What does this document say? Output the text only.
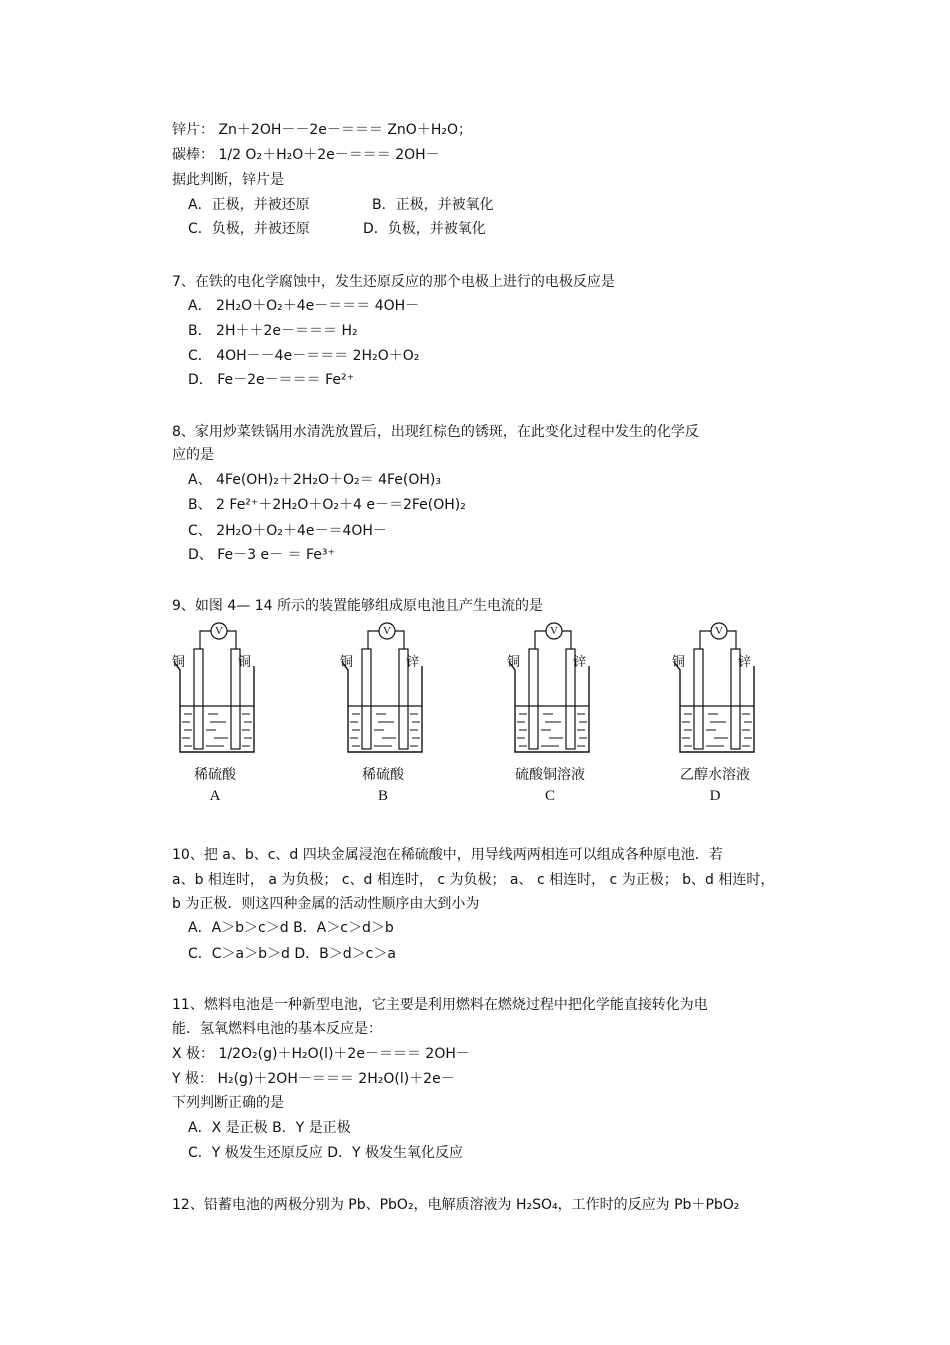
锌片： Zn＋2OH－－2e－＝＝＝ ZnO＋H₂O；
碳棒： 1/2 O₂＋H₂O＋2e－＝＝＝ 2OH－
据此判断，锌片是
A．正极，并被还原	B．正极，并被氧化
C．负极，并被还原	D．负极，并被氧化
7、在铁的电化学腐蚀中，发生还原反应的那个电极上进行的电极反应是
A． 2H₂O＋O₂＋4e－＝＝＝ 4OH－
B． 2H＋＋2e－＝＝＝ H₂
C． 4OH－－4e－＝＝＝ 2H₂O＋O₂
D． Fe－2e－＝＝＝ Fe²⁺
8、家用炒菜铁锅用水清洗放置后，出现红棕色的锈斑，在此变化过程中发生的化学反
应的是
A、 4Fe(OH)₂＋2H₂O＋O₂＝ 4Fe(OH)₃
B、 2 Fe²⁺＋2H₂O＋O₂＋4 e－＝2Fe(OH)₂
C、 2H₂O＋O₂＋4e－＝4OH－
D、 Fe－3 e－ ＝ Fe³⁺
9、如图 4— 14 所示的装置能够组成原电池且产生电流的是
V
铜	铜
稀硫酸
A
V
铜	锌
稀硫酸
B
V
铜	锌
硫酸铜溶液
C
V
铜	锌
乙醇水溶液
D
10、把 a、b、c、d 四块金属浸泡在稀硫酸中，用导线两两相连可以组成各种原电池．若
a、b 相连时， a 为负极； c、d 相连时， c 为负极； a、 c 相连时， c 为正极； b、d 相连时，
b 为正极．则这四种金属的活动性顺序由大到小为
A．A＞b＞c＞d B．A＞c＞d＞b
C．C＞a＞b＞d D．B＞d＞c＞a
11、燃料电池是一种新型电池，它主要是利用燃料在燃烧过程中把化学能直接转化为电
能．氢氧燃料电池的基本反应是：
X 极： 1/2O₂(g)＋H₂O(l)＋2e－＝＝＝ 2OH－
Y 极： H₂(g)＋2OH－＝＝＝ 2H₂O(l)＋2e－
下列判断正确的是
A．X 是正极 B．Y 是正极
C．Y 极发生还原反应 D．Y 极发生氧化反应
12、铅蓄电池的两极分别为 Pb、PbO₂，电解质溶液为 H₂SO₄，工作时的反应为 Pb＋PbO₂
